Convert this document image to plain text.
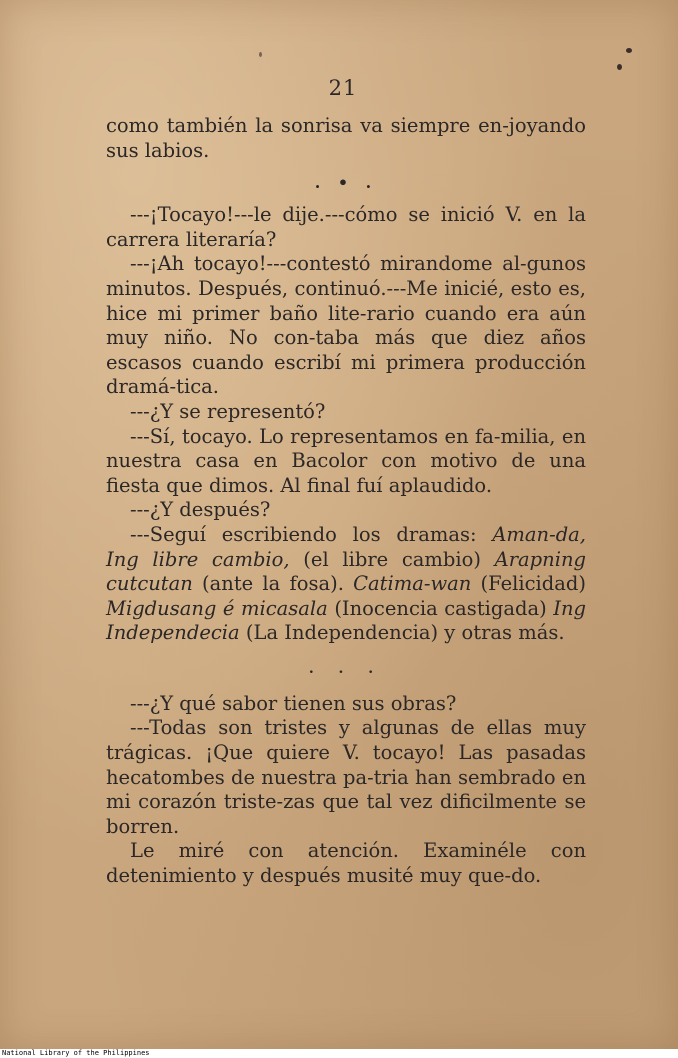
21

como también la sonrisa va siempre en-joyando sus labios.

. • .

---¡Tocayo!---le dije.---cómo se inició V. en la carrera literaría?

---¡Ah tocayo!---contestó mirandome al-gunos minutos. Después, continuó.---Me inicié, esto es, hice mi primer baño lite-rario cuando era aún muy niño. No con-taba más que diez años escasos cuando escribí mi primera producción dramá-tica.

---¿Y se representó?

---Sí, tocayo. Lo representamos en fa-milia, en nuestra casa en Bacolor con motivo de una fiesta que dimos. Al final fuí aplaudido.

---¿Y después?

---Seguí escribiendo los dramas: Aman-da, Ing libre cambio, (el libre cambio) Arapning cutcutan (ante la fosa). Catima-wan (Felicidad) Migdusang é micasala (Inocencia castigada) Ing Independecia (La Independencia) y otras más.

. . .

---¿Y qué sabor tienen sus obras?

---Todas son tristes y algunas de ellas muy trágicas. ¡Que quiere V. tocayo! Las pasadas hecatombes de nuestra pa-tria han sembrado en mi corazón triste-zas que tal vez dificilmente se borren.

Le miré con atención. Examinéle con detenimiento y después musité muy que-do.

National Library of the Philippines
